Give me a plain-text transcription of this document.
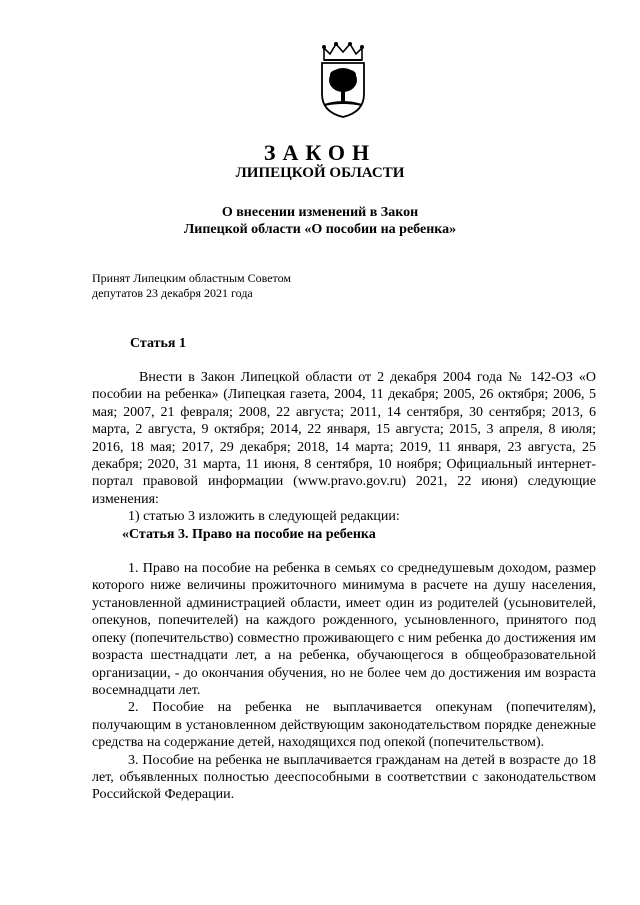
ЗАКОН
ЛИПЕЦКОЙ ОБЛАСТИ
О внесении изменений в Закон
Липецкой области «О пособии на ребенка»
Принят Липецким областным Советом
депутатов 23 декабря 2021 года
Статья 1

Внести в Закон Липецкой области от 2 декабря 2004 года № 142-ОЗ «О пособии на ребенка» (Липецкая газета, 2004, 11 декабря; 2005, 26 октября; 2006, 5 мая; 2007, 21 февраля; 2008, 22 августа; 2011, 14 сентября, 30 сентября; 2013, 6 марта, 2 августа, 9 октября; 2014, 22 января, 15 августа; 2015, 3 апреля, 8 июля; 2016, 18 мая; 2017, 29 декабря; 2018, 14 марта; 2019, 11 января, 23 августа, 25 декабря; 2020, 31 марта, 11 июня, 8 сентября, 10 ноября; Официальный интернет-портал правовой информации (www.pravo.gov.ru) 2021, 22 июня) следующие изменения:

1) статью 3 изложить в следующей редакции:

«Статья 3. Право на пособие на ребенка

1. Право на пособие на ребенка в семьях со среднедушевым доходом, размер которого ниже величины прожиточного минимума в расчете на душу населения, установленной администрацией области, имеет один из родителей (усыновителей, опекунов, попечителей) на каждого рожденного, усыновленного, принятого под опеку (попечительство) совместно проживающего с ним ребенка до достижения им возраста шестнадцати лет, а на ребенка, обучающегося в общеобразовательной организации, - до окончания обучения, но не более чем до достижения им возраста восемнадцати лет.

2. Пособие на ребенка не выплачивается опекунам (попечителям), получающим в установленном действующим законодательством порядке денежные средства на содержание детей, находящихся под опекой (попечительством).

3. Пособие на ребенка не выплачивается гражданам на детей в возрасте до 18 лет, объявленных полностью дееспособными в соответствии с законодательством Российской Федерации.
